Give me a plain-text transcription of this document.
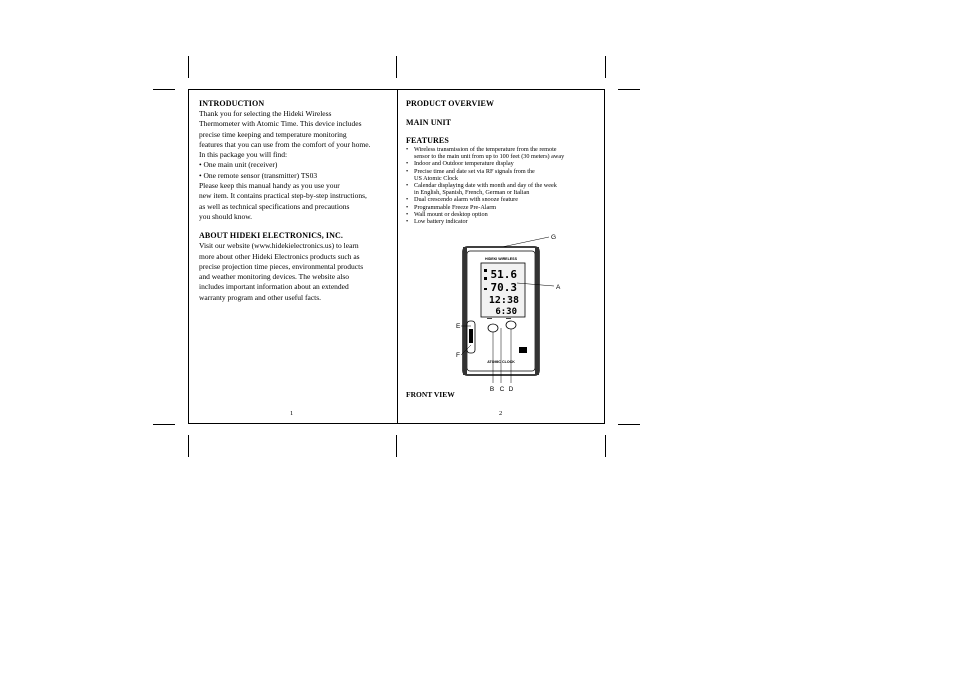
INTRODUCTION

Thank you for selecting the Hideki Wireless

Thermometer with Atomic Time. This device includes

precise time keeping and temperature monitoring

features that you can use from the comfort of your home.

In this package you will find:

• One main unit (receiver)

• One remote sensor (transmitter) TS03

Please keep this manual handy as you use your

new item. It contains practical step-by-step instructions,

as well as technical specifications and precautions

you should know.

ABOUT HIDEKI ELECTRONICS, INC.

Visit our website (www.hidekielectronics.us) to learn

more about other Hideki Electronics products such as

precise projection time pieces, environmental products

and weather monitoring devices. The website also

includes important information about an extended

warranty program and other useful facts.

1
PRODUCT OVERVIEW
MAIN UNIT
FEATURES
• Wireless transmission of the temperature from the remote
sensor to the main unit from up to 100 feet (30 meters) away
• Indoor and Outdoor temperature display
• Precise time and date set via RF signals from the
US Atomic Clock
• Calendar displaying date with month and day of the week
in English, Spanish, French, German or Italian
• Dual crescendo alarm with snooze feature
• Programmable Freeze Pre-Alarm
• Wall mount or desktop option
• Low battery indicator
HIDEKI WIRELESS
51.6
70.3
12:38
6:30
▬▬	▬▬
ATOMIC CLOCK
G
A
E
F
B C D
FRONT VIEW
2
